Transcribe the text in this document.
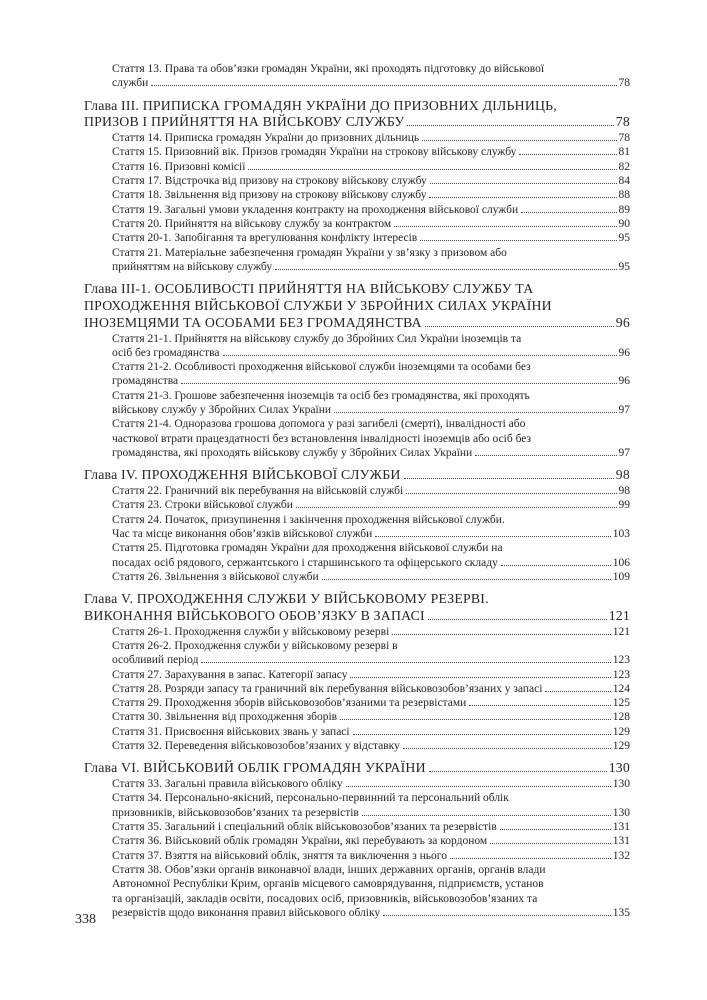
Стаття 13. Права та обов’язки громадян України, які проходять підготовку до військової
служби	78
Глава III. ПРИПИСКА ГРОМАДЯН УКРАЇНИ ДО ПРИЗОВНИХ ДІЛЬНИЦЬ,
ПРИЗОВ І ПРИЙНЯТТЯ НА ВІЙСЬКОВУ СЛУЖБУ	78
Стаття 14. Приписка громадян України до призовних дільниць	78
Стаття 15. Призовний вік. Призов громадян України на строкову військову службу	81
Стаття 16. Призовні комісії	82
Стаття 17. Відстрочка від призову на строкову військову службу	84
Стаття 18. Звільнення від призову на строкову військову службу	88
Стаття 19. Загальні умови укладення контракту на проходження військової служби	89
Стаття 20. Прийняття на військову службу за контрактом	90
Стаття 20-1. Запобігання та врегулювання конфлікту інтересів	95
Стаття 21. Матеріальне забезпечення громадян України у зв’язку з призовом або
прийняттям на військову службу	95
Глава III-1. ОСОБЛИВОСТІ ПРИЙНЯТТЯ НА ВІЙСЬКОВУ СЛУЖБУ ТА
ПРОХОДЖЕННЯ ВІЙСЬКОВОЇ СЛУЖБИ У ЗБРОЙНИХ СИЛАХ УКРАЇНИ
ІНОЗЕМЦЯМИ ТА ОСОБАМИ БЕЗ ГРОМАДЯНСТВА	96
Стаття 21-1. Прийняття на військову службу до Збройних Сил України іноземців та
осіб без громадянства	96
Стаття 21-2. Особливості проходження військової служби іноземцями та особами без
громадянства	96
Стаття 21-3. Грошове забезпечення іноземців та осіб без громадянства, які проходять
військову службу у Збройних Силах України	97
Стаття 21-4. Одноразова грошова допомога у разі загибелі (смерті), інвалідності або
часткової втрати працездатності без встановлення інвалідності іноземців або осіб без
громадянства, які проходять військову службу у Збройних Силах України	97
Глава IV. ПРОХОДЖЕННЯ ВІЙСЬКОВОЇ СЛУЖБИ	98
Стаття 22. Граничний вік перебування на військовій службі	98
Стаття 23. Строки військової служби	99
Стаття 24. Початок, призупинення і закінчення проходження військової служби.
Час та місце виконання обов’язків військової служби	103
Стаття 25. Підготовка громадян України для проходження військової служби на
посадах осіб рядового, сержантського і старшинського та офіцерського складу	106
Стаття 26. Звільнення з військової служби	109
Глава V. ПРОХОДЖЕННЯ СЛУЖБИ У ВІЙСЬКОВОМУ РЕЗЕРВІ.
ВИКОНАННЯ ВІЙСЬКОВОГО ОБОВ’ЯЗКУ В ЗАПАСІ	121
Стаття 26-1. Проходження служби у військовому резерві	121
Стаття 26-2. Проходження служби у військовому резерві в
особливий період	123
Стаття 27. Зарахування в запас. Категорії запасу	123
Стаття 28. Розряди запасу та граничний вік перебування військовозобов’язаних у запасі	124
Стаття 29. Проходження зборів військовозобов’язаними та резервістами	125
Стаття 30. Звільнення від проходження зборів	128
Стаття 31. Присвоєння військових звань у запасі	129
Стаття 32. Переведення військовозобов’язаних у відставку	129
Глава VI. ВІЙСЬКОВИЙ ОБЛІК ГРОМАДЯН УКРАЇНИ	130
Стаття 33. Загальні правила військового обліку	130
Стаття 34. Персонально-якісний, персонально-первинний та персональний облік
призовників, військовозобов’язаних та резервістів	130
Стаття 35. Загальний і спеціальний облік військовозобов’язаних та резервістів	131
Стаття 36. Військовий облік громадян України, які перебувають за кордоном	131
Стаття 37. Взяття на військовий облік, зняття та виключення з нього	132
Стаття 38. Обов’язки органів виконавчої влади, інших державних органів, органів влади
Автономної Республіки Крим, органів місцевого самоврядування, підприємств, установ
та організацій, закладів освіти, посадових осіб, призовників, військовозобов’язаних та
резервістів щодо виконання правил військового обліку	135
338
